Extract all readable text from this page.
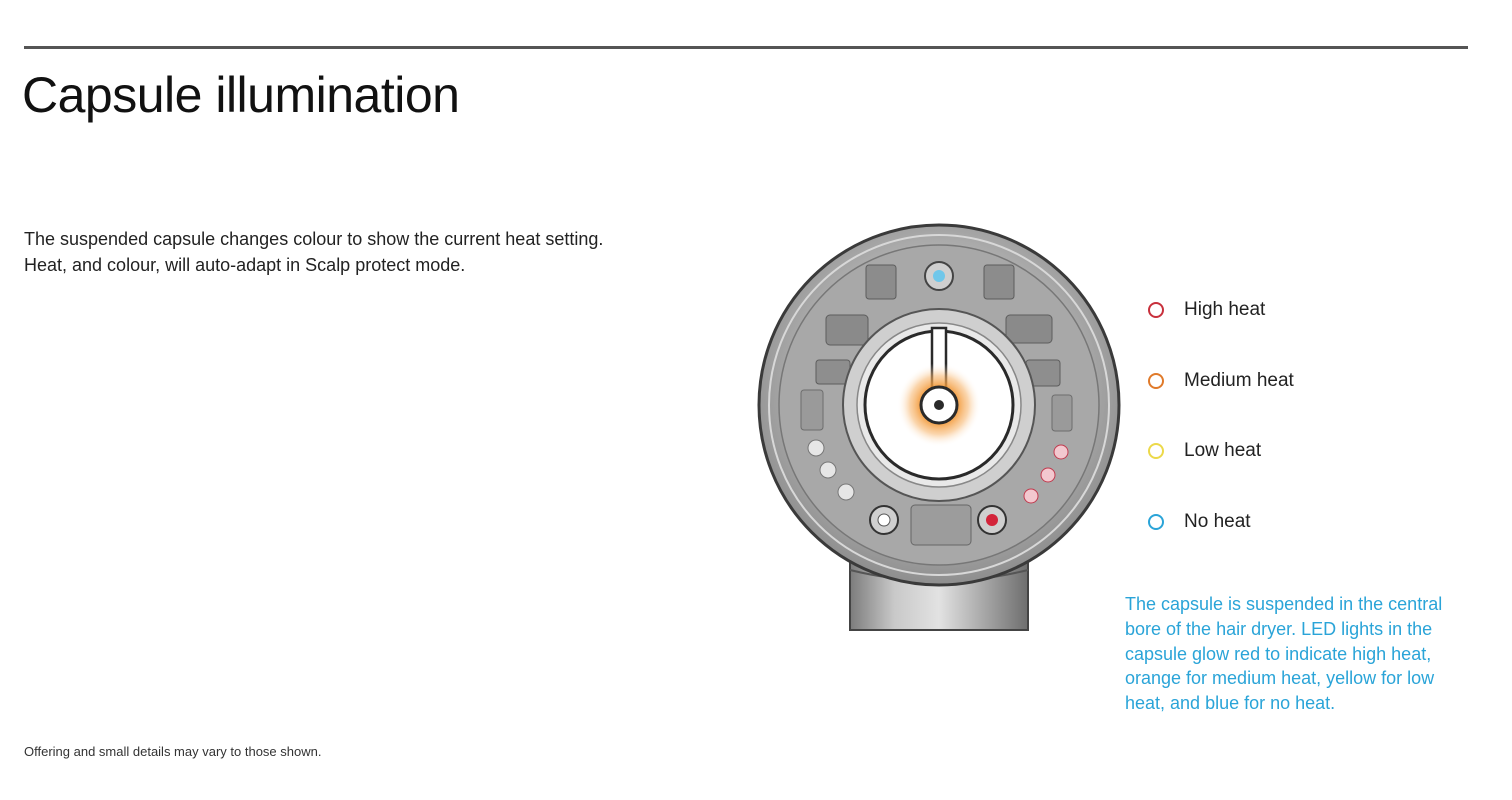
Capsule illumination

The suspended capsule changes colour to show the current heat setting.

Heat, and colour, will auto-adapt in Scalp protect mode.

High heat
Medium heat
Low heat
No heat
The capsule is suspended in the central bore of the hair dryer. LED lights in the capsule glow red to indicate high heat, orange for medium heat, yellow for low heat, and blue for no heat.
Offering and small details may vary to those shown.
